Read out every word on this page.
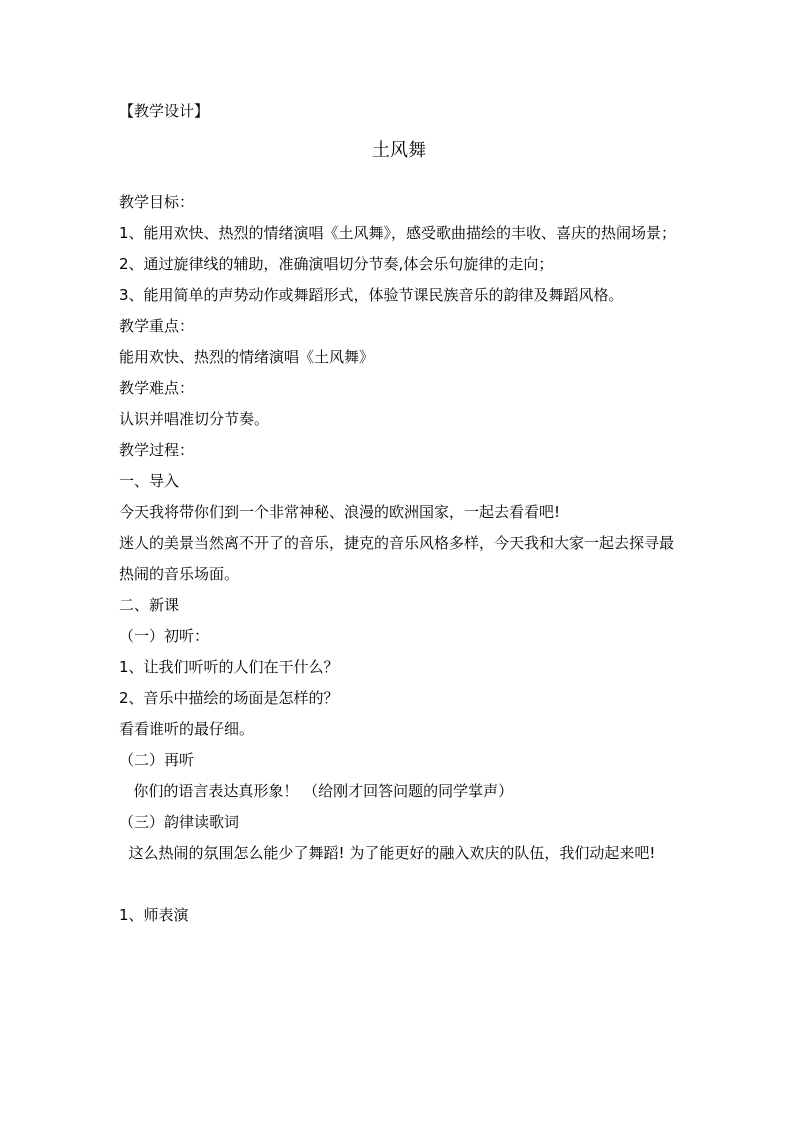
【教学设计】
土风舞
教学目标：
1、能用欢快、热烈的情绪演唱《土风舞》，感受歌曲描绘的丰收、喜庆的热闹场景；
2、通过旋律线的辅助，准确演唱切分节奏,体会乐句旋律的走向；
3、能用简单的声势动作或舞蹈形式，体验节课民族音乐的韵律及舞蹈风格。
教学重点：
能用欢快、热烈的情绪演唱《土风舞》
教学难点：
认识并唱准切分节奏。
教学过程：
一、导入
今天我将带你们到一个非常神秘、浪漫的欧洲国家，一起去看看吧!
迷人的美景当然离不开了的音乐，捷克的音乐风格多样，今天我和大家一起去探寻最热闹的音乐场面。
二、新课
（一）初听：
1、让我们听听的人们在干什么？
2、音乐中描绘的场面是怎样的？
看看谁听的最仔细。
（二）再听
你们的语言表达真形象！ （给刚才回答问题的同学掌声）
（三）韵律读歌词
这么热闹的氛围怎么能少了舞蹈! 为了能更好的融入欢庆的队伍，我们动起来吧!
1、师表演
